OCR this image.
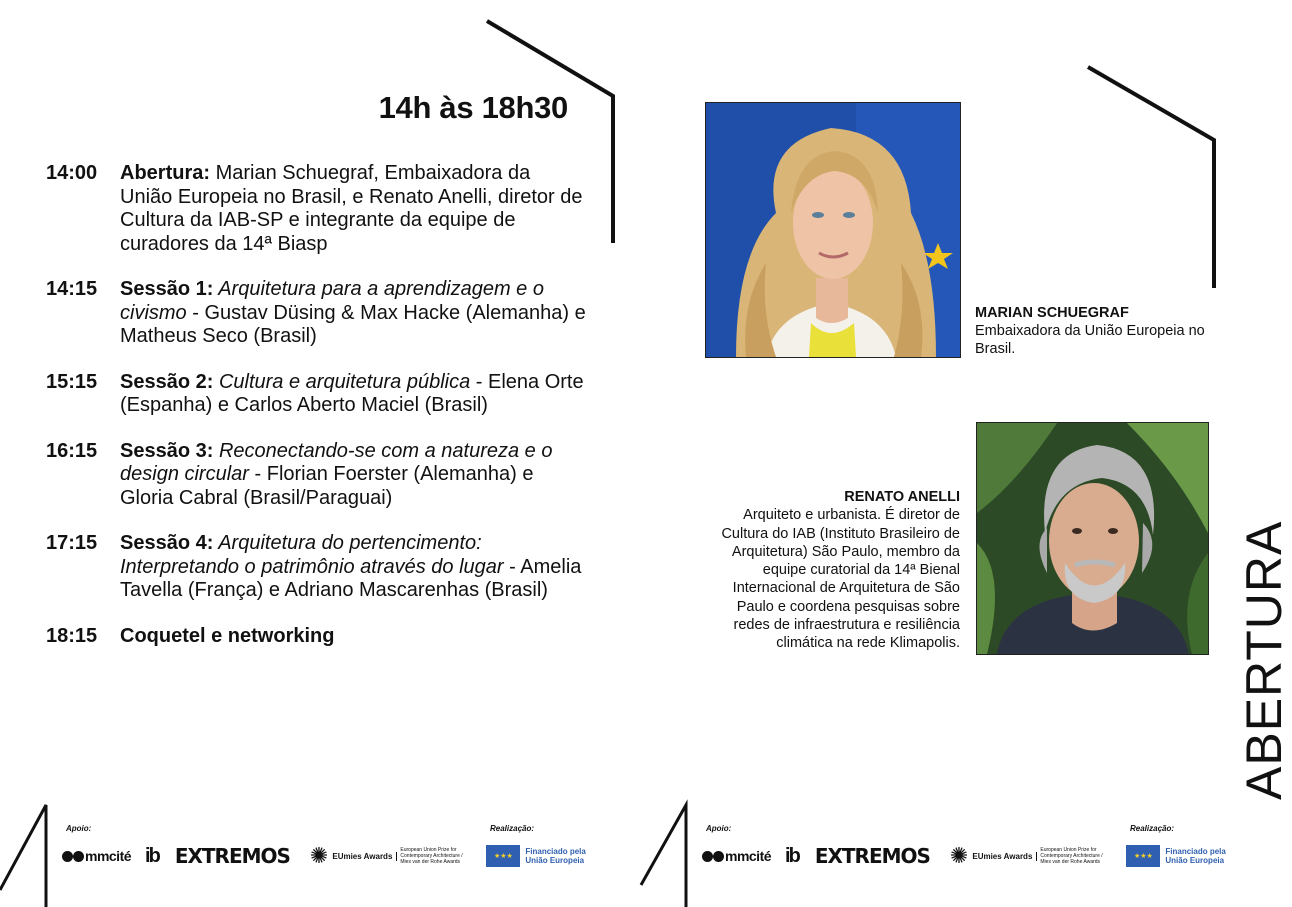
14h às 18h30
14:00	Abertura: Marian Schuegraf, Embaixadora da União Europeia no Brasil, e Renato Anelli, diretor de Cultura da IAB-SP e integrante da equipe de curadores da 14ª Biasp
14:15	Sessão 1: Arquitetura para a aprendizagem e o civismo - Gustav Düsing & Max Hacke (Alemanha) e Matheus Seco (Brasil)
15:15	Sessão 2: Cultura e arquitetura pública - Elena Orte (Espanha) e Carlos Aberto Maciel (Brasil)
16:15	Sessão 3: Reconectando-se com a natureza e o design circular - Florian Foerster (Alemanha) e Gloria Cabral (Brasil/Paraguai)
17:15	Sessão 4: Arquitetura do pertencimento: Interpretando o patrimônio através do lugar - Amelia Tavella (França) e Adriano Mascarenhas (Brasil)
18:15	Coquetel e networking
MARIAN SCHUEGRAF
Embaixadora da União Europeia no Brasil.
RENATO ANELLI
Arquiteto e urbanista. É diretor de Cultura do IAB (Instituto Brasileiro de Arquitetura) São Paulo, membro da equipe curatorial da 14ª Bienal Internacional de Arquitetura de São Paulo e coordena pesquisas sobre redes de infraestrutura e resiliência climática na rede Klimapolis.	ABERTURA
Apoio:	Realização:
mmcité ib EXTREMOS ✺ EUmies Awards
European Union Prize for Contemporary Architecture / Mies van der Rohe Awards
★★★
Financiado pela União Europeia
Apoio:	Realização:
mmcité ib EXTREMOS ✺ EUmies Awards
European Union Prize for Contemporary Architecture / Mies van der Rohe Awards
★★★
Financiado pela União Europeia
